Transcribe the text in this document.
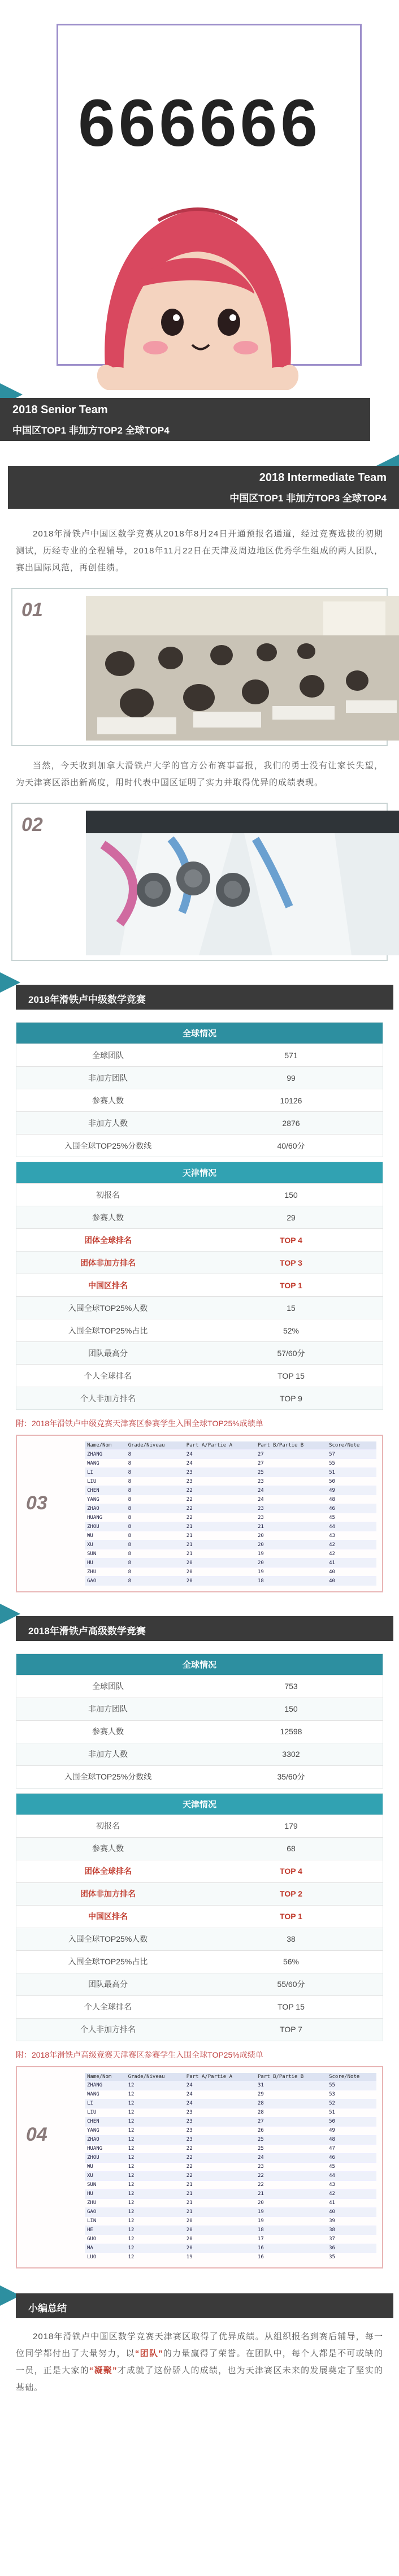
666666
2018 Senior Team
中国区TOP1 非加方TOP2 全球TOP4
2018 Intermediate Team
中国区TOP1 非加方TOP3 全球TOP4

2018年滑铁卢中国区数学竞赛从2018年8月24日开通预报名通道，经过竞赛选拔的初期测试，历经专业的全程辅导，2018年11月22日在天津及周边地区优秀学生组成的两人团队，赛出国际风范，再创佳绩。

01

当然，今天收到加拿大滑铁卢大学的官方公布赛事喜报，我们的勇士没有让家长失望，为天津赛区添出新高度，用时代表中国区证明了实力并取得优异的成绩表现。

02
2018年滑铁卢中级数学竞赛
全球情况
全球团队	571
非加方团队	99
参赛人数	10126
非加方人数	2876
入围全球TOP25%分数线	40/60分
天津情况
初报名	150
参赛人数	29
团体全球排名	TOP 4
团体非加方排名	TOP 3
中国区排名	TOP 1
入围全球TOP25%人数	15
入围全球TOP25%占比	52%
团队最高分	57/60分
个人全球排名	TOP 15
个人非加方排名	TOP 9
附：2018年滑铁卢中级竞赛天津赛区参赛学生入围全球TOP25%成绩单
03
Name/Nom	Grade/Niveau	Part A/Partie A	Part B/Partie B	Score/Note
ZHANG	8	24	27	57
WANG	8	24	27	55
LI	8	23	25	51
LIU	8	23	23	50
CHEN	8	22	24	49
YANG	8	22	24	48
ZHAO	8	22	23	46
HUANG	8	22	23	45
ZHOU	8	21	21	44
WU	8	21	20	43
XU	8	21	20	42
SUN	8	21	19	42
HU	8	20	20	41
ZHU	8	20	19	40
GAO	8	20	18	40
2018年滑铁卢高级数学竞赛
全球情况
全球团队	753
非加方团队	150
参赛人数	12598
非加方人数	3302
入围全球TOP25%分数线	35/60分
天津情况
初报名	179
参赛人数	68
团体全球排名	TOP 4
团体非加方排名	TOP 2
中国区排名	TOP 1
入围全球TOP25%人数	38
入围全球TOP25%占比	56%
团队最高分	55/60分
个人全球排名	TOP 15
个人非加方排名	TOP 7
附：2018年滑铁卢高级竞赛天津赛区参赛学生入围全球TOP25%成绩单
04
Name/Nom	Grade/Niveau	Part A/Partie A	Part B/Partie B	Score/Note
ZHANG	12	24	31	55
WANG	12	24	29	53
LI	12	24	28	52
LIU	12	23	28	51
CHEN	12	23	27	50
YANG	12	23	26	49
ZHAO	12	23	25	48
HUANG	12	22	25	47
ZHOU	12	22	24	46
WU	12	22	23	45
XU	12	22	22	44
SUN	12	21	22	43
HU	12	21	21	42
ZHU	12	21	20	41
GAO	12	21	19	40
LIN	12	20	19	39
HE	12	20	18	38
GUO	12	20	17	37
MA	12	20	16	36
LUO	12	19	16	35
小编总结

2018年滑铁卢中国区数学竞赛天津赛区取得了优异成绩。从组织报名到赛后辅导，每一位同学都付出了大量努力，以“团队”的力量赢得了荣誉。在团队中，每个人都是不可或缺的一员，正是大家的“凝聚”才成就了这份骄人的成绩，也为天津赛区未来的发展奠定了坚实的基础。
